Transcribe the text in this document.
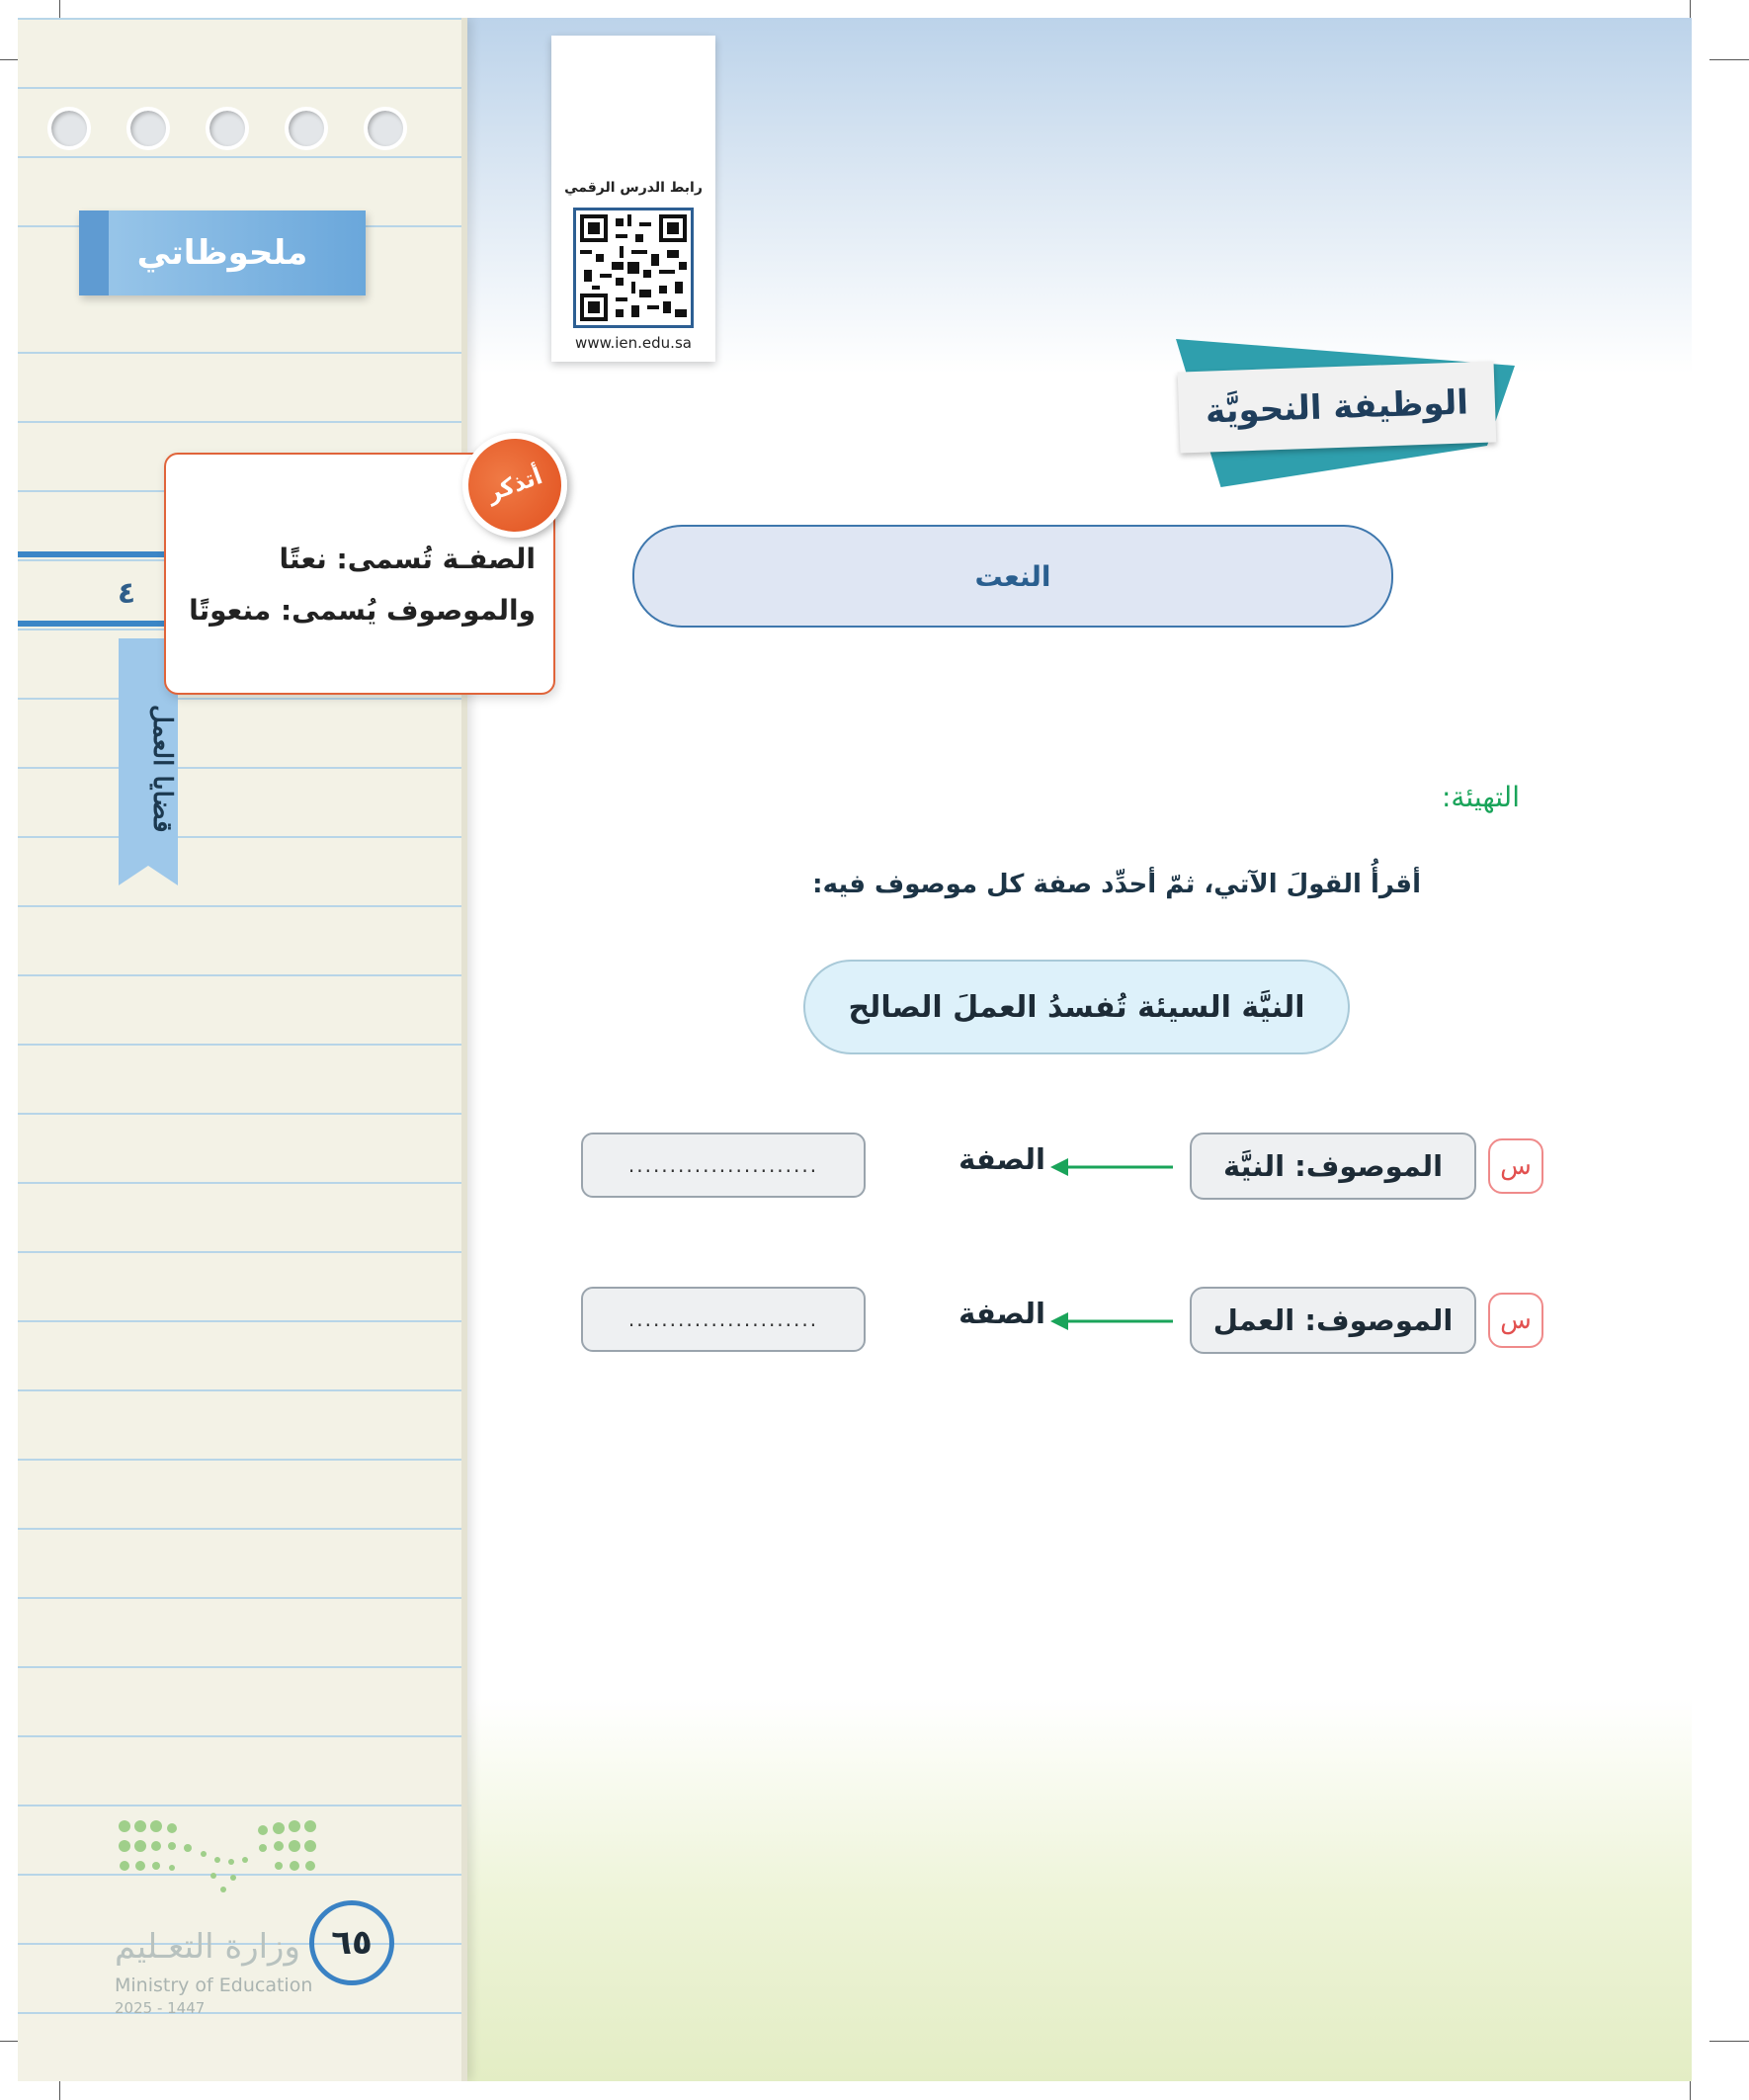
ملحوظاتي
٤
قضايا العمل
وزارة التعـليم
Ministry of Education
2025 - 1447
٦٥
الصفـة تُسمى: نعتًا
والموصوف يُسمى: منعوتًا
أتذكر
رابط الدرس الرقمي
www.ien.edu.sa
الوظيفة النحويَّة
النعت
التهيئة:
أقرأُ القولَ الآتي، ثمّ أحدِّد صفة كل موصوف فيه:
النيَّة السيئة تُفسدُ العملَ الصالح
س
الموصوف: النيَّة
الصفة
.......................
س
الموصوف: العمل
الصفة
.......................
